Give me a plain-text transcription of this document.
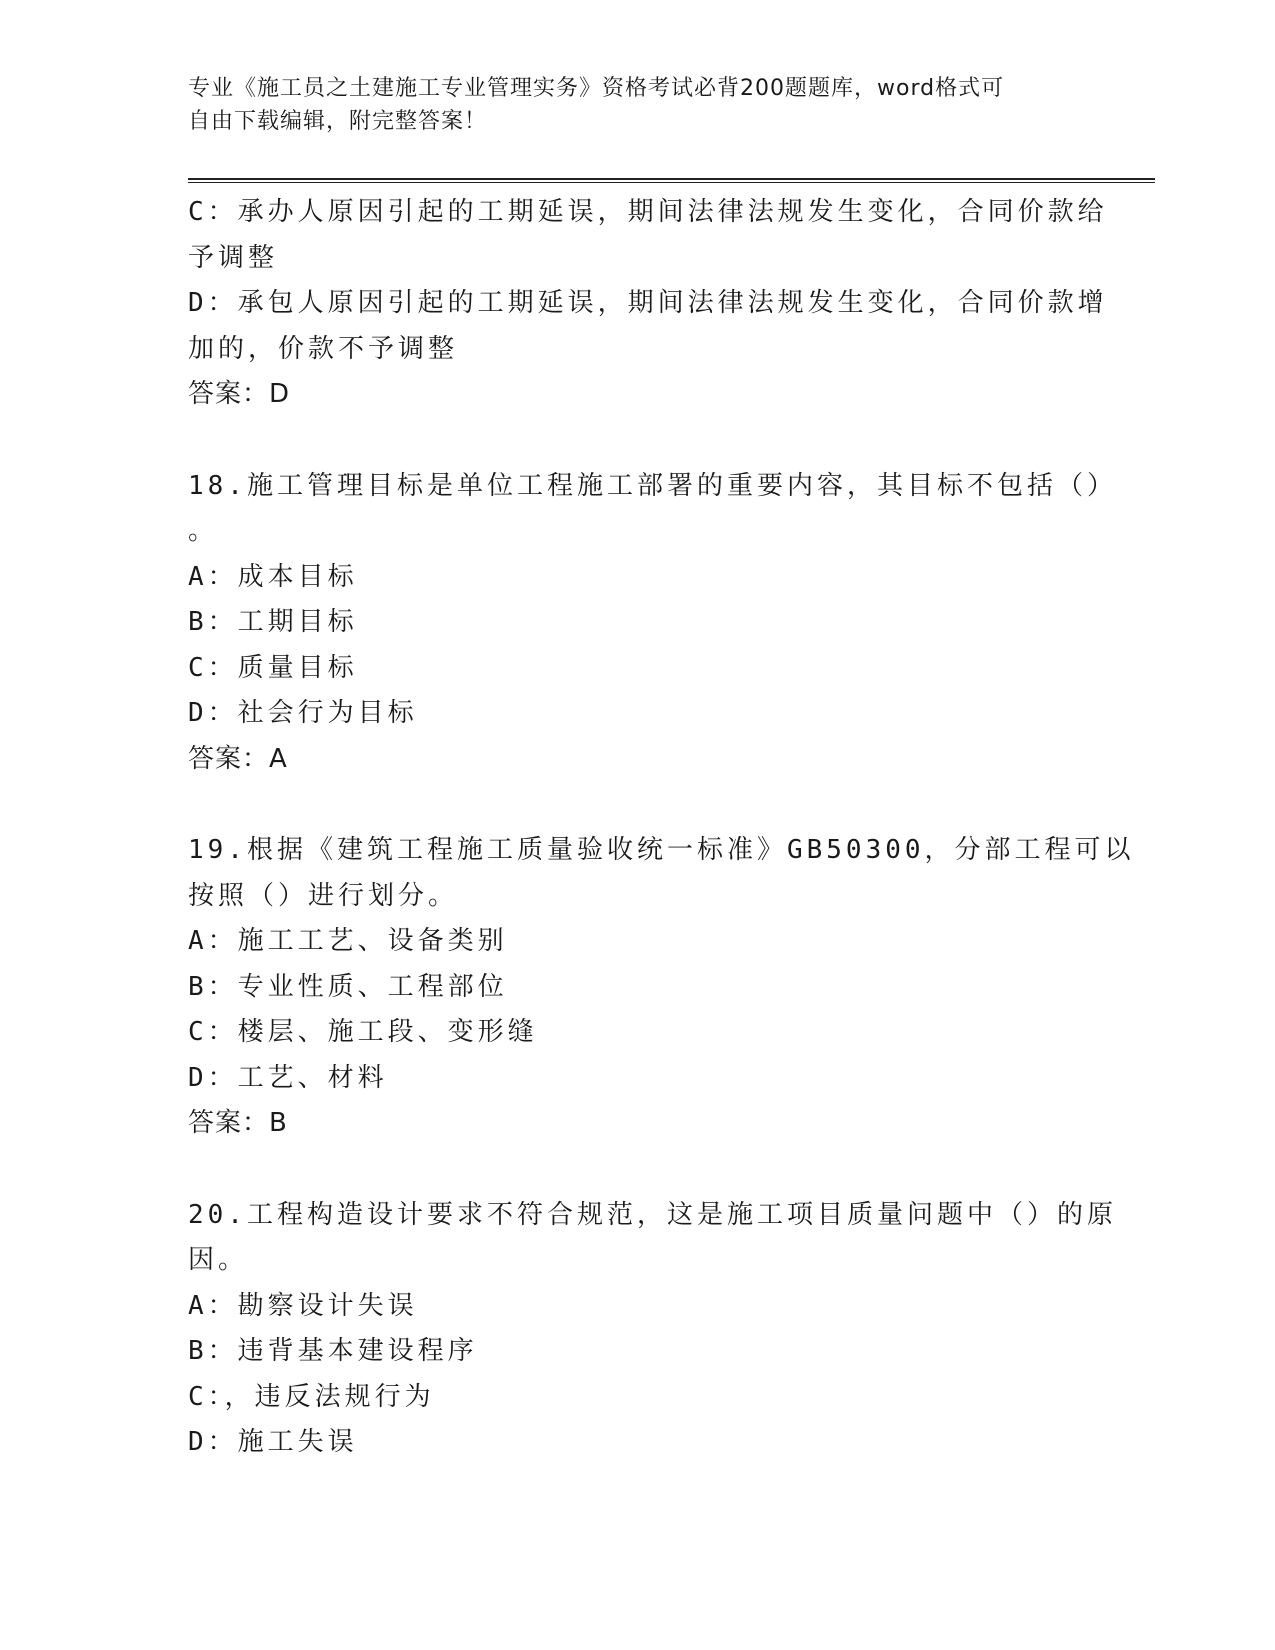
专业《施工员之土建施工专业管理实务》资格考试必背200题题库，word格式可
自由下载编辑，附完整答案！
C：承办人原因引起的工期延误，期间法律法规发生变化，合同价款给
予调整
D：承包人原因引起的工期延误，期间法律法规发生变化，合同价款增
加的，价款不予调整
答案：D
18.施工管理目标是单位工程施工部署的重要内容，其目标不包括（）
。
A：成本目标
B：工期目标
C：质量目标
D：社会行为目标
答案：A
19.根据《建筑工程施工质量验收统一标准》GB50300，分部工程可以
按照（）进行划分。
A：施工工艺、设备类别
B：专业性质、工程部位
C：楼层、施工段、变形缝
D：工艺、材料
答案：B
20.工程构造设计要求不符合规范，这是施工项目质量问题中（）的原
因。
A：勘察设计失误
B：违背基本建设程序
C：，违反法规行为
D：施工失误
